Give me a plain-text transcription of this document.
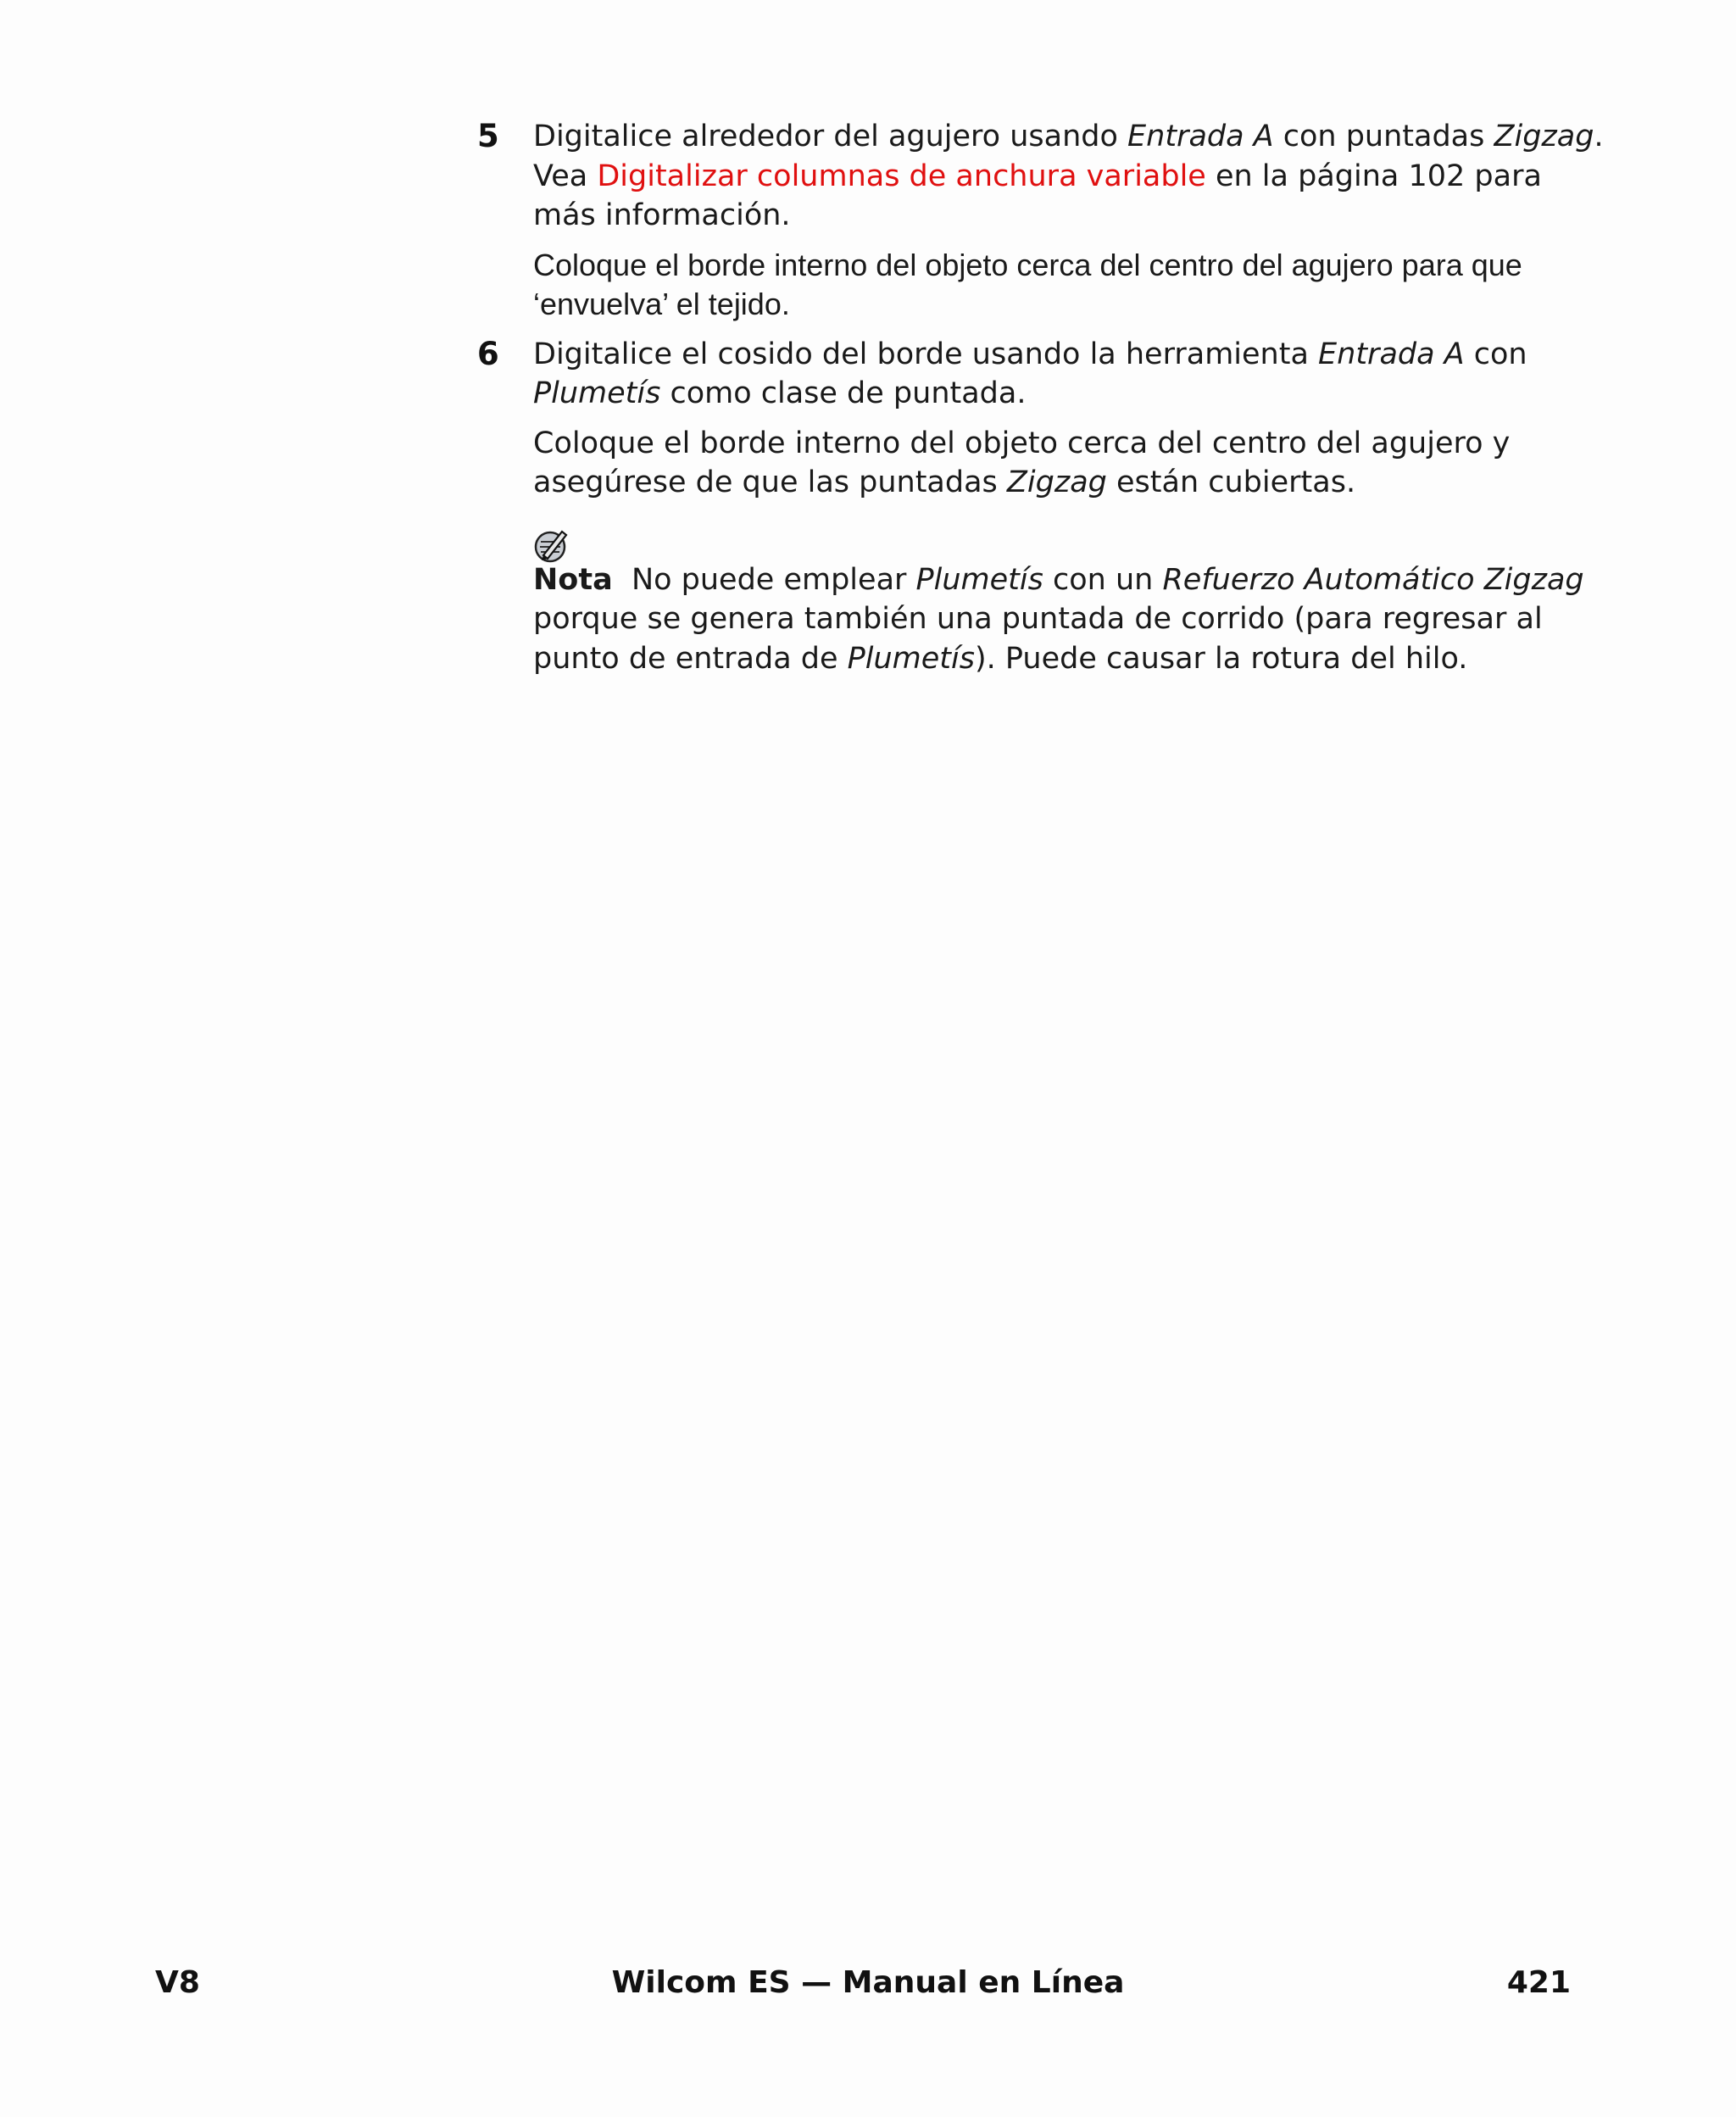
5 Digitalice alrededor del agujero usando Entrada A con puntadas Zigzag. Vea Digitalizar columnas de anchura variable en la página 102 para más información.

Coloque el borde interno del objeto cerca del centro del agujero para que ‘envuelva’ el tejido.

6 Digitalice el cosido del borde usando la herramienta Entrada A con Plumetís como clase de puntada.

Coloque el borde interno del objeto cerca del centro del agujero y asegúrese de que las puntadas Zigzag están cubiertas.

Nota  No puede emplear Plumetís con un Refuerzo Automático Zigzag porque se genera también una puntada de corrido (para regresar al punto de entrada de Plumetís). Puede causar la rotura del hilo.

V8	Wilcom ES — Manual en Línea	421
